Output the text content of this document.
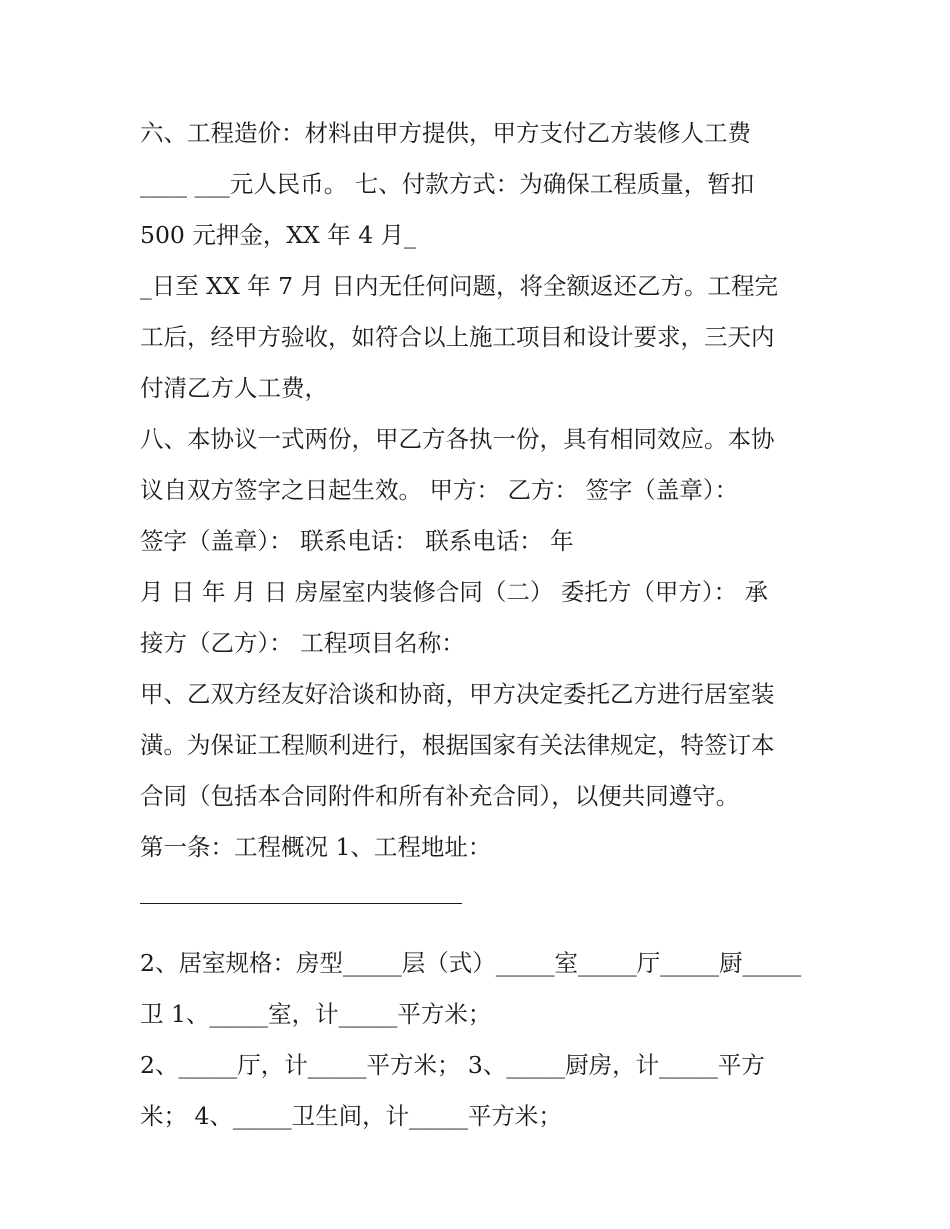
六、工程造价：材料由甲方提供，甲方支付乙方装修人工费
____ ___元人民币。 七、付款方式：为确保工程质量，暂扣
500 元押金，XX 年 4 月_
_日至 XX 年 7 月 日内无任何问题，将全额返还乙方。工程完
工后，经甲方验收，如符合以上施工项目和设计要求，三天内
付清乙方人工费，
八、本协议一式两份，甲乙方各执一份，具有相同效应。本协
议自双方签字之日起生效。 甲方： 乙方： 签字（盖章）：
签字（盖章）： 联系电话： 联系电话： 年
月 日 年 月 日 房屋室内装修合同（二） 委托方（甲方）： 承
接方（乙方）： 工程项目名称：
甲、乙双方经友好洽谈和协商，甲方决定委托乙方进行居室装
潢。为保证工程顺利进行，根据国家有关法律规定，特签订本
合同（包括本合同附件和所有补充合同），以便共同遵守。
第一条：工程概况 1、工程地址：
2、居室规格：房型_____层（式）_____室_____厅_____厨_____
卫 1、_____室，计_____平方米；
2、_____厅，计_____平方米； 3、_____厨房，计_____平方
米； 4、_____卫生间，计_____平方米；
